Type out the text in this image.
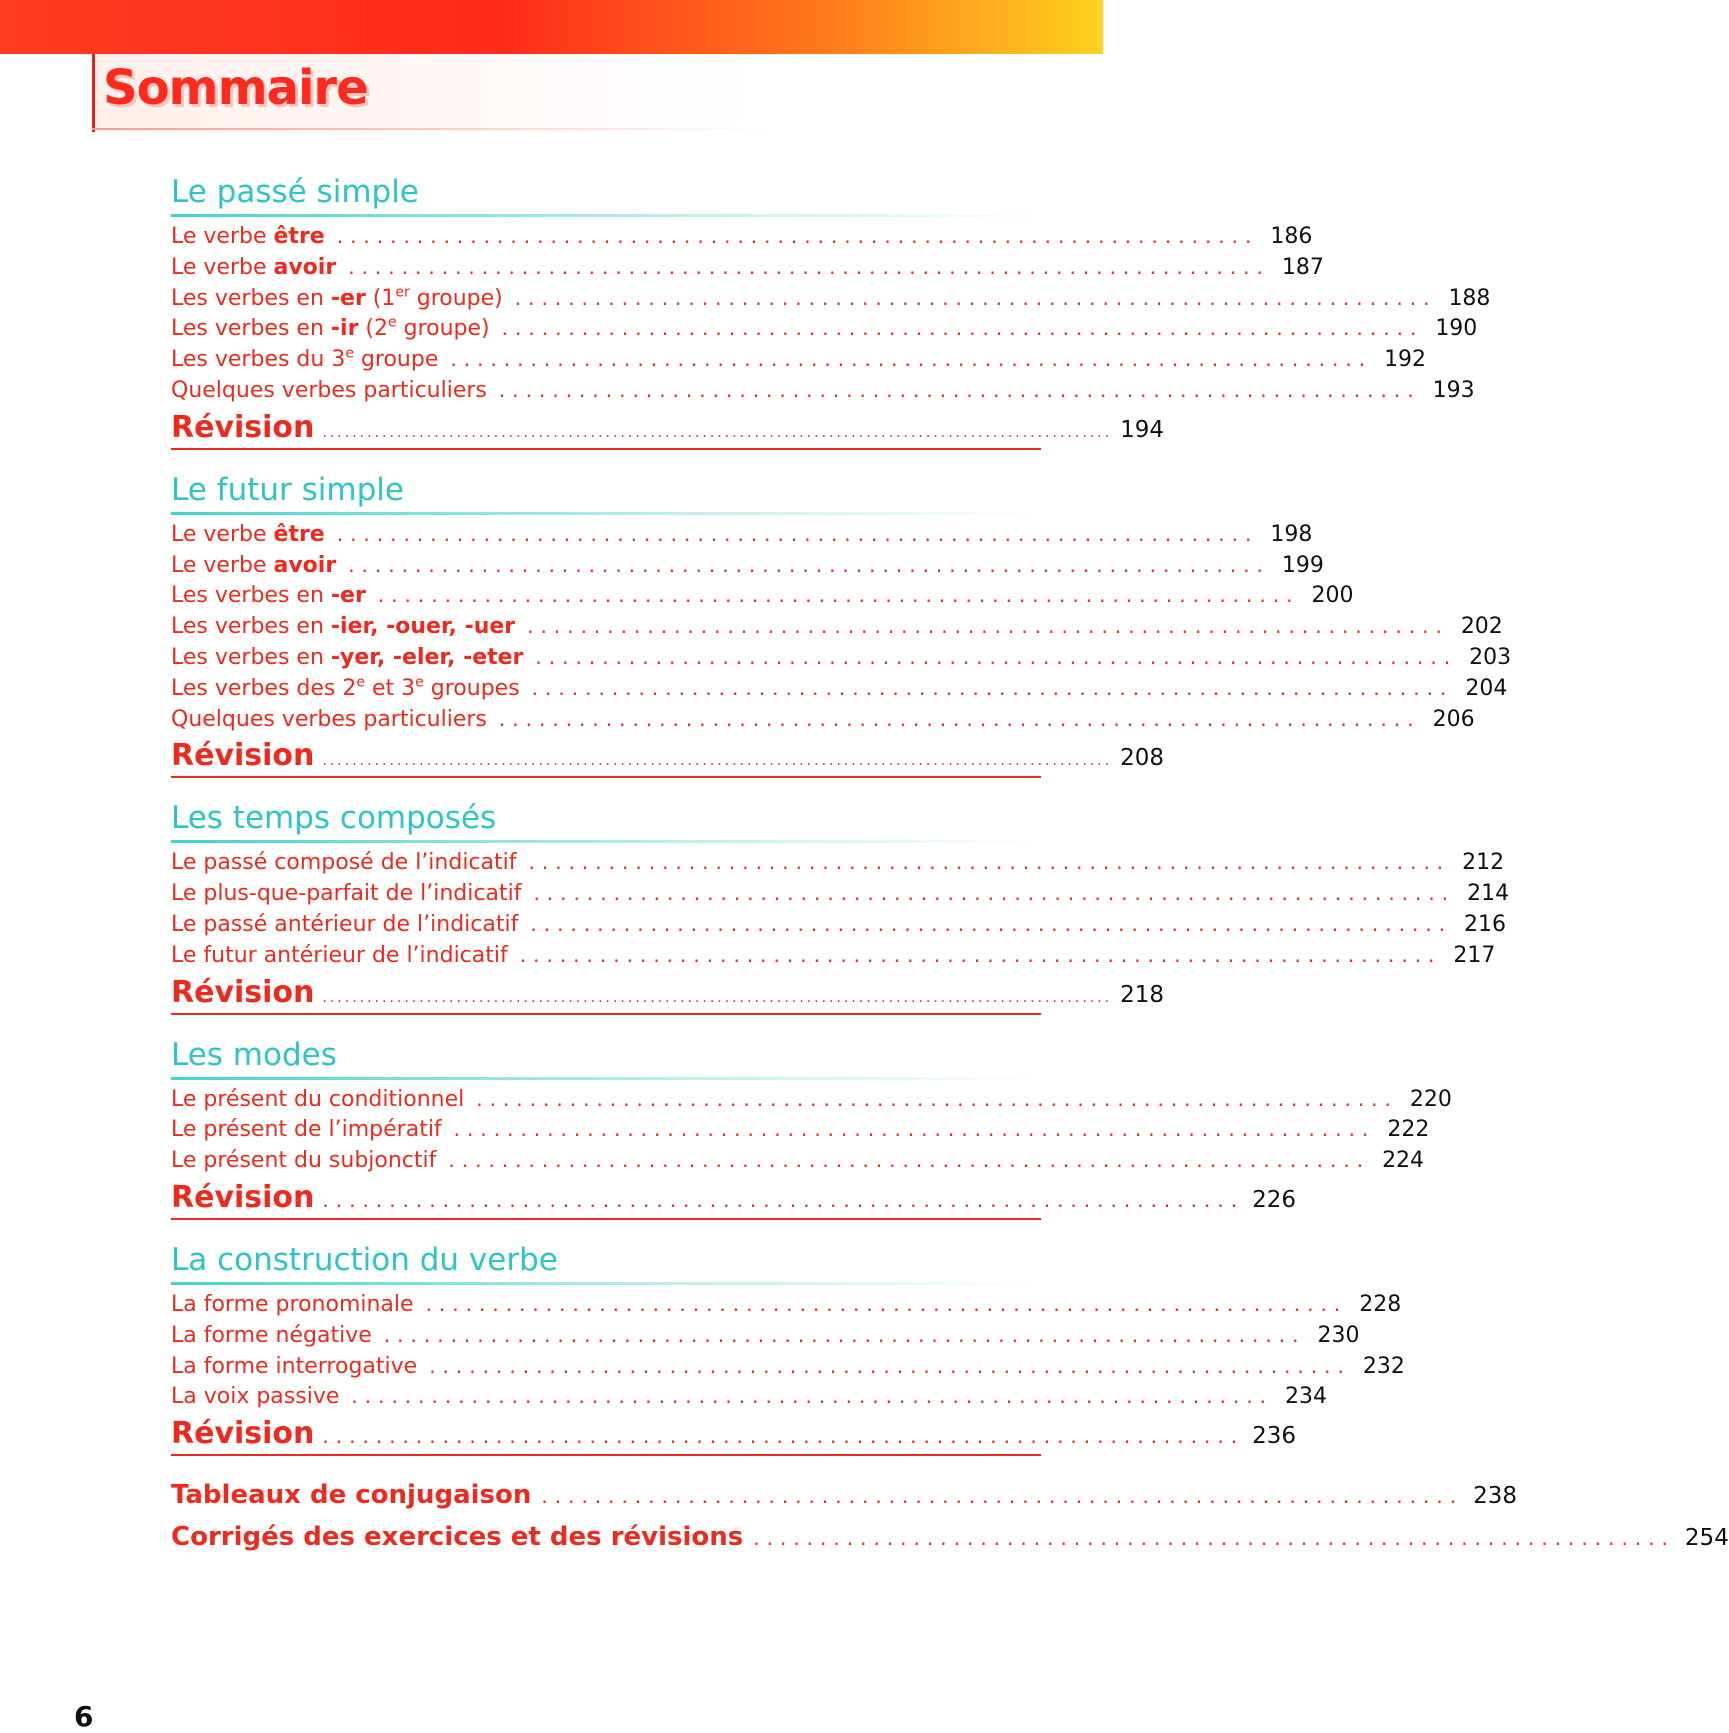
Sommaire
Le passé simple
Le verbe être ..................................................................... 186
Le verbe avoir ..................................................................... 187
Les verbes en -er (1er groupe) ..................................................................... 188
Les verbes en -ir (2e groupe) ..................................................................... 190
Les verbes du 3e groupe ..................................................................... 192
Quelques verbes particuliers ..................................................................... 193
Révision .......................................................................................................... 194
Le futur simple
Le verbe être ..................................................................... 198
Le verbe avoir ..................................................................... 199
Les verbes en -er ..................................................................... 200
Les verbes en -ier, -ouer, -uer ..................................................................... 202
Les verbes en -yer, -eler, -eter ..................................................................... 203
Les verbes des 2e et 3e groupes ..................................................................... 204
Quelques verbes particuliers ..................................................................... 206
Révision .......................................................................................................... 208
Les temps composés
Le passé composé de l’indicatif ..................................................................... 212
Le plus-que-parfait de l’indicatif ..................................................................... 214
Le passé antérieur de l’indicatif ..................................................................... 216
Le futur antérieur de l’indicatif ..................................................................... 217
Révision .......................................................................................................... 218
Les modes
Le présent du conditionnel ..................................................................... 220
Le présent de l’impératif ..................................................................... 222
Le présent du subjonctif ..................................................................... 224
Révision ..................................................................... 226
La construction du verbe
La forme pronominale ..................................................................... 228
La forme négative ..................................................................... 230
La forme interrogative ..................................................................... 232
La voix passive ..................................................................... 234
Révision ..................................................................... 236
Tableaux de conjugaison ..................................................................... 238
Corrigés des exercices et des révisions ..................................................................... 254
6
